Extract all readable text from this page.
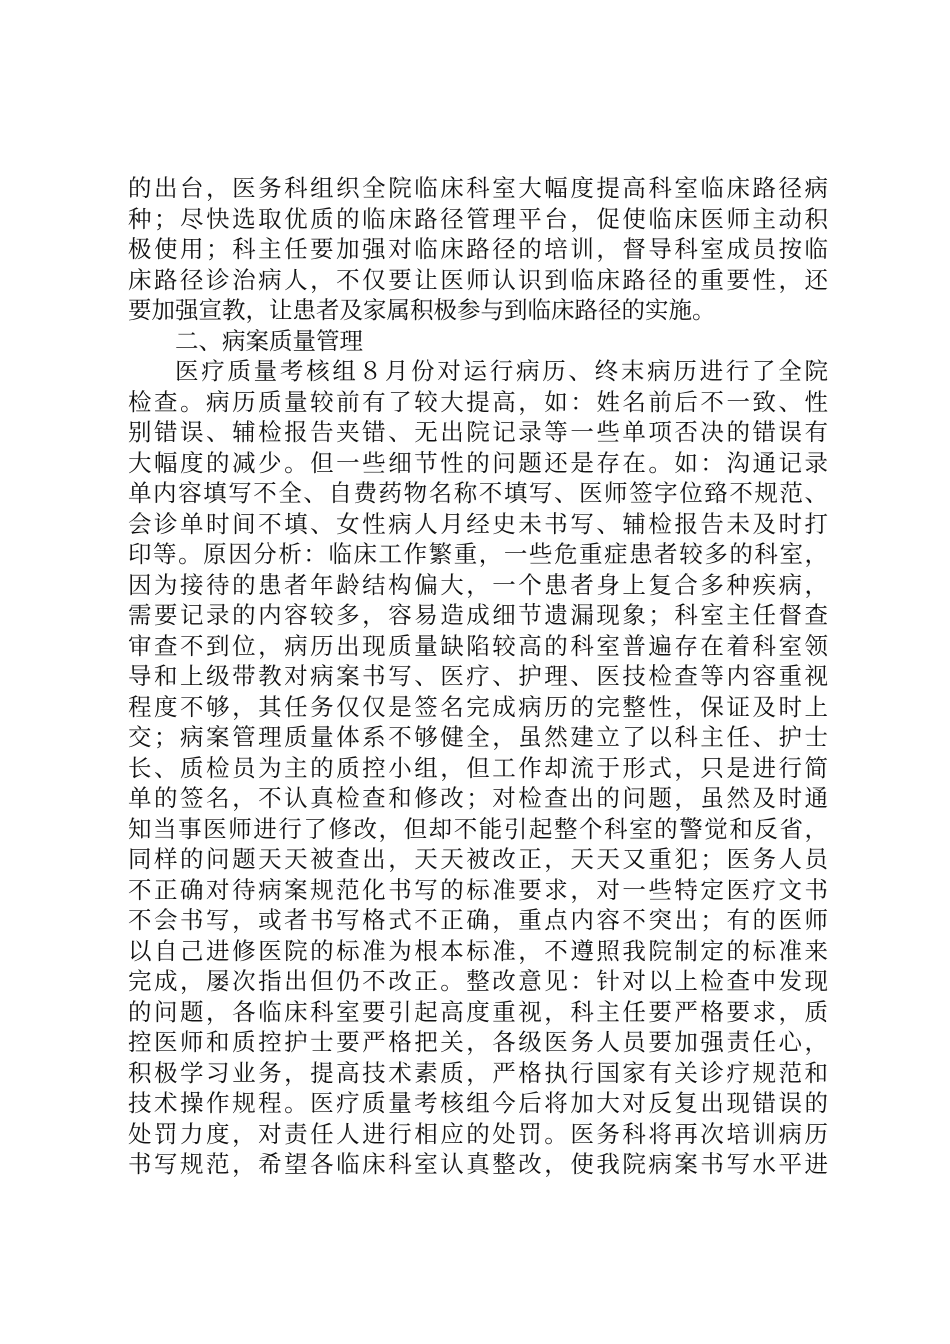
的出台，医务科组织全院临床科室大幅度提高科室临床路径病
种；尽快选取优质的临床路径管理平台，促使临床医师主动积
极使用；科主任要加强对临床路径的培训，督导科室成员按临
床路径诊治病人，不仅要让医师认识到临床路径的重要性，还
要加强宣教，让患者及家属积极参与到临床路径的实施。
二、病案质量管理
医疗质量考核组８月份对运行病历、终末病历进行了全院
检查。病历质量较前有了较大提高，如：姓名前后不一致、性
别错误、辅检报告夹错、无出院记录等一些单项否决的错误有
大幅度的减少。但一些细节性的问题还是存在。如：沟通记录
单内容填写不全、自费药物名称不填写、医师签字位臵不规范、
会诊单时间不填、女性病人月经史未书写、辅检报告未及时打
印等。原因分析：临床工作繁重，一些危重症患者较多的科室，
因为接待的患者年龄结构偏大，一个患者身上复合多种疾病，
需要记录的内容较多，容易造成细节遗漏现象；科室主任督查
审查不到位，病历出现质量缺陷较高的科室普遍存在着科室领
导和上级带教对病案书写、医疗、护理、医技检查等内容重视
程度不够，其任务仅仅是签名完成病历的完整性，保证及时上
交；病案管理质量体系不够健全，虽然建立了以科主任、护士
长、质检员为主的质控小组，但工作却流于形式，只是进行简
单的签名，不认真检查和修改；对检查出的问题，虽然及时通
知当事医师进行了修改，但却不能引起整个科室的警觉和反省，
同样的问题天天被查出，天天被改正，天天又重犯；医务人员
不正确对待病案规范化书写的标准要求，对一些特定医疗文书
不会书写，或者书写格式不正确，重点内容不突出；有的医师
以自己进修医院的标准为根本标准，不遵照我院制定的标准来
完成，屡次指出但仍不改正。整改意见：针对以上检查中发现
的问题，各临床科室要引起高度重视，科主任要严格要求，质
控医师和质控护士要严格把关，各级医务人员要加强责任心，
积极学习业务，提高技术素质，严格执行国家有关诊疗规范和
技术操作规程。医疗质量考核组今后将加大对反复出现错误的
处罚力度，对责任人进行相应的处罚。医务科将再次培训病历
书写规范，希望各临床科室认真整改，使我院病案书写水平进
